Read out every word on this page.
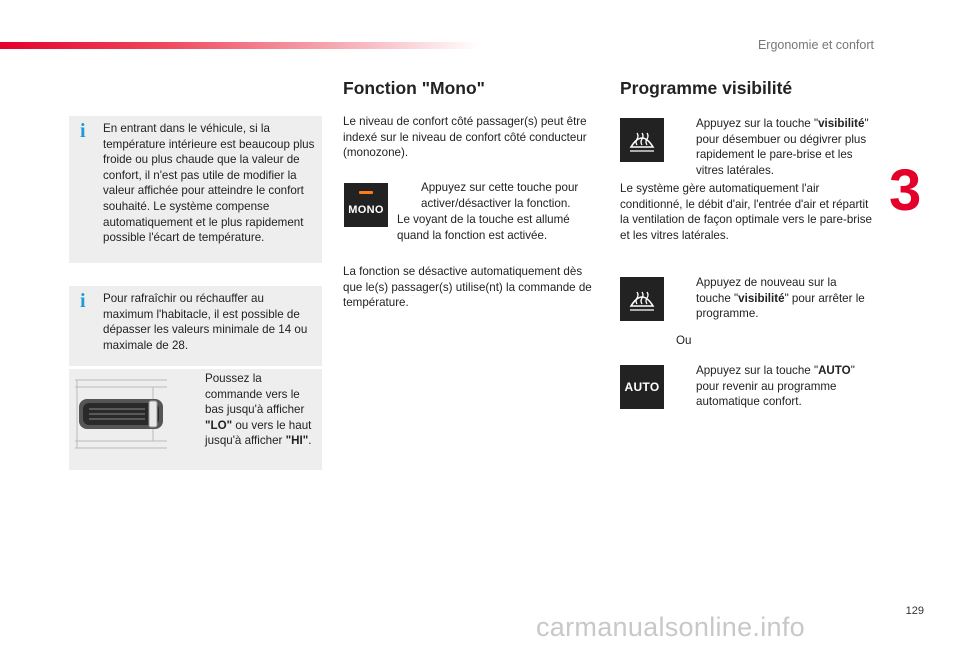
Ergonomie et confort
3
129
carmanualsonline.info
i En entrant dans le véhicule, si la température intérieure est beaucoup plus froide ou plus chaude que la valeur de confort, il n'est pas utile de modifier la valeur affichée pour atteindre le confort souhaité. Le système compense automatiquement et le plus rapidement possible l'écart de température.

i Pour rafraîchir ou réchauffer au maximum l'habitacle, il est possible de dépasser les valeurs minimale de 14 ou maximale de 28.

Poussez la commande vers le bas jusqu'à afficher "LO" ou vers le haut jusqu'à afficher "HI".
Fonction "Mono"

Le niveau de confort côté passager(s) peut être indexé sur le niveau de confort côté conducteur (monozone).

MONO
Appuyez sur cette touche pour activer/désactiver la fonction.

Le voyant de la touche est allumé quand la fonction est activée.

La fonction se désactive automatiquement dès que le(s) passager(s) utilise(nt) la commande de température.

Programme visibilité
Appuyez sur la touche "visibilité" pour désembuer ou dégivrer plus rapidement le pare-brise et les vitres latérales.

Le système gère automatiquement l'air conditionné, le débit d'air, l'entrée d'air et répartit la ventilation de façon optimale vers le pare-brise et les vitres latérales.

Appuyez de nouveau sur la touche "visibilité" pour arrêter le programme.

Ou

AUTO
Appuyez sur la touche "AUTO" pour revenir au programme automatique confort.
